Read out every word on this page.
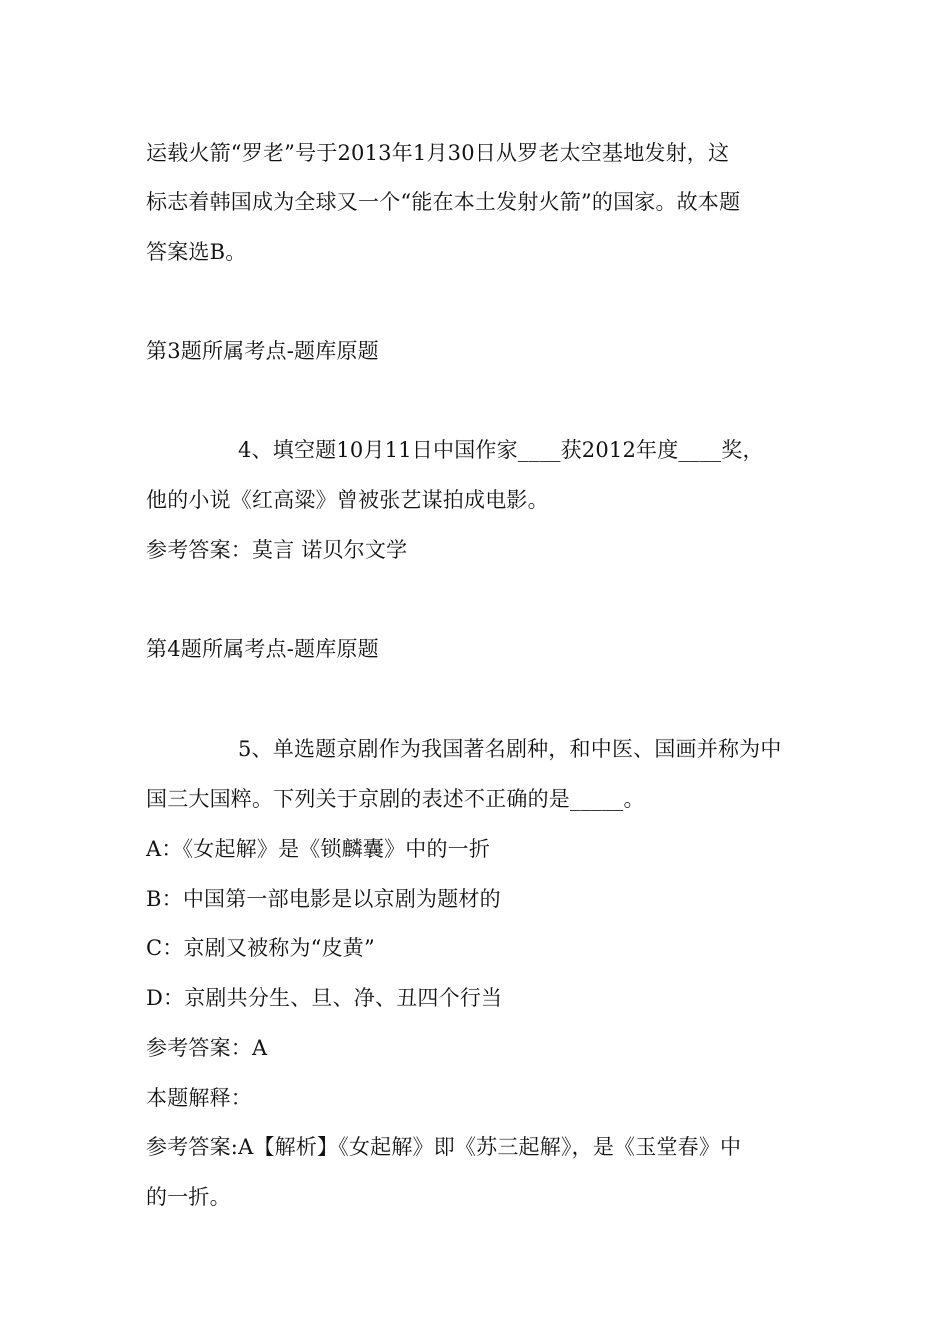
运载火箭“罗老”号于2013年1月30日从罗老太空基地发射，这
标志着韩国成为全球又一个“能在本土发射火箭”的国家。故本题
答案选B。
第3题所属考点-题库原题
4、填空题10月11日中国作家____获2012年度____奖，
他的小说《红高粱》曾被张艺谋拍成电影。
参考答案：莫言 诺贝尔文学
第4题所属考点-题库原题
5、单选题京剧作为我国著名剧种，和中医、国画并称为中
国三大国粹。下列关于京剧的表述不正确的是_____。
A：《女起解》是《锁麟囊》中的一折
B：中国第一部电影是以京剧为题材的
C：京剧又被称为“皮黄”
D：京剧共分生、旦、净、丑四个行当
参考答案：A
本题解释：
参考答案:A【解析】《女起解》即《苏三起解》，是《玉堂春》中
的一折。
